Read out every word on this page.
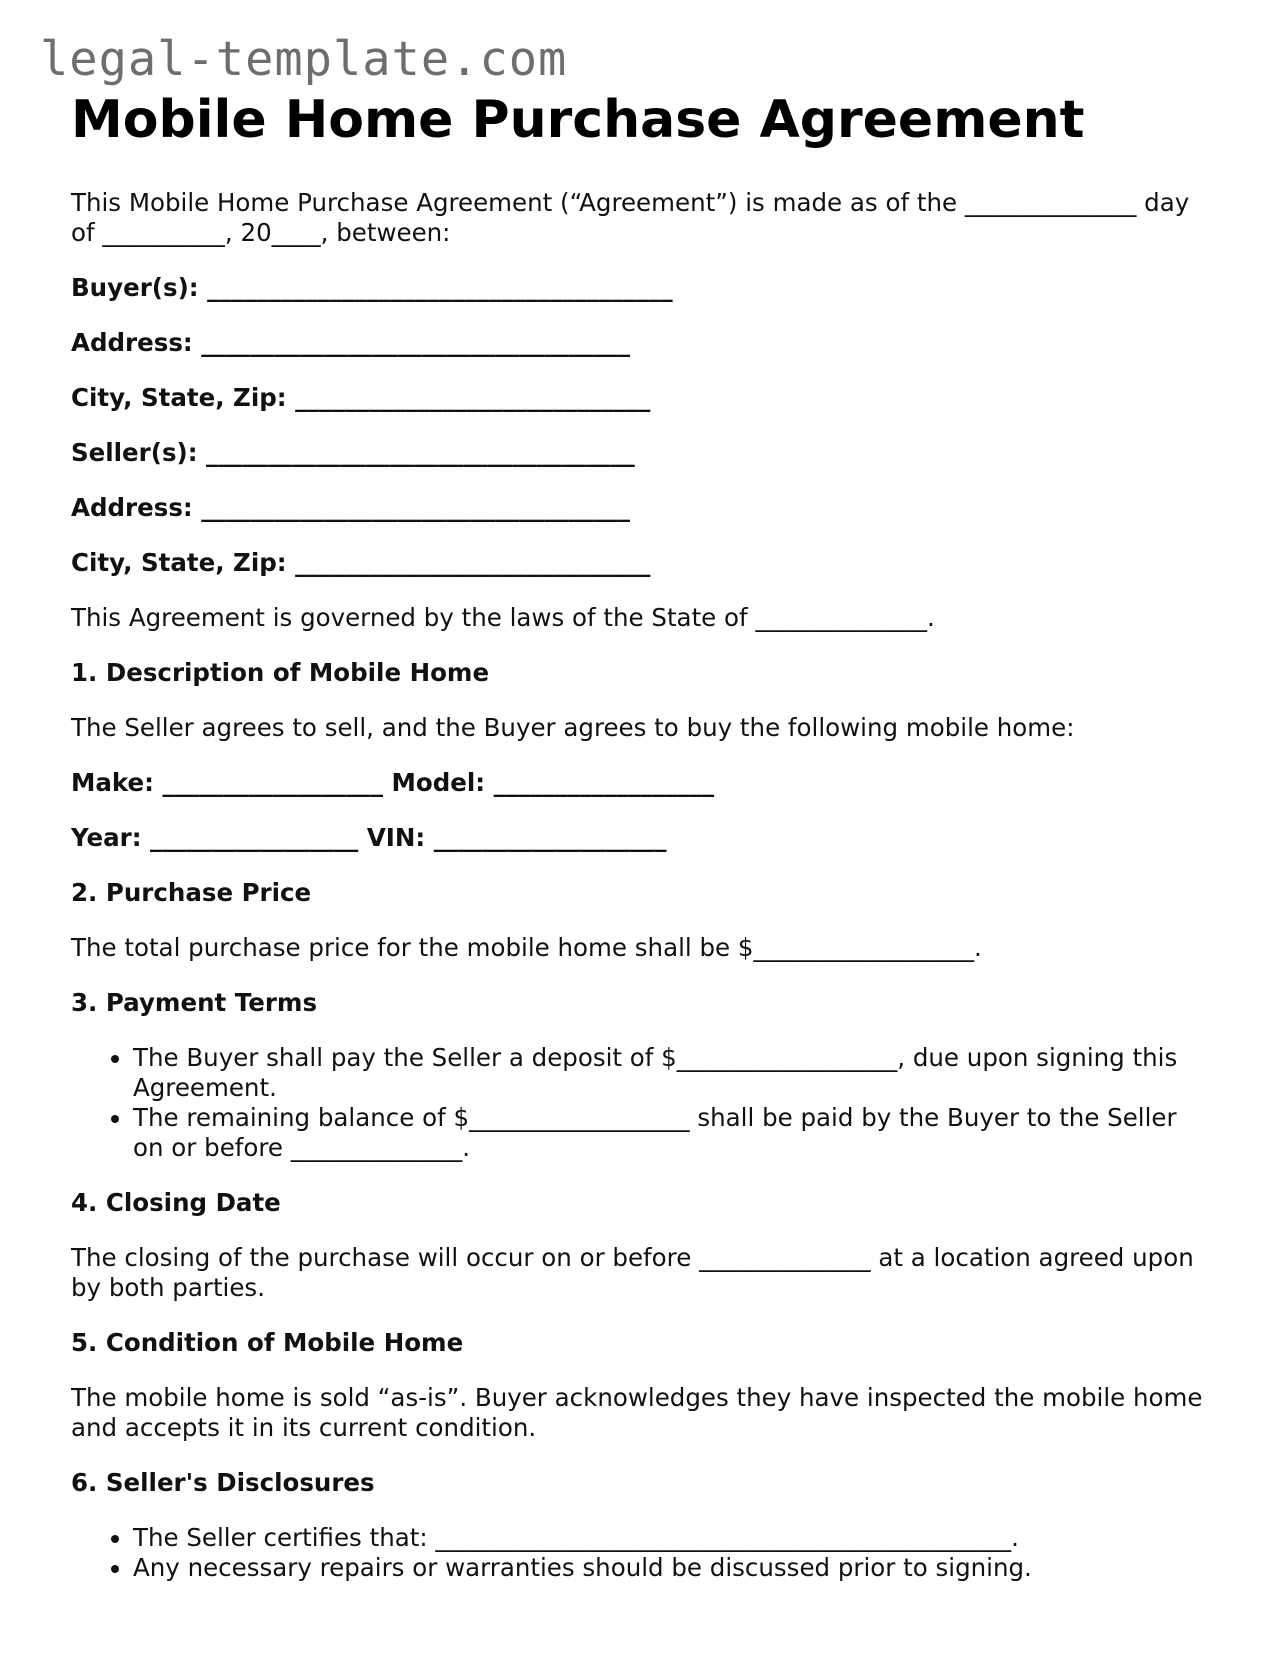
legal-template.com
Mobile Home Purchase Agreement

This Mobile Home Purchase Agreement (“Agreement”) is made as of the ______________ day of __________, 20____, between:

Buyer(s): ______________________________________

Address: ___________________________________

City, State, Zip: _____________________________

Seller(s): ___________________________________

Address: ___________________________________

City, State, Zip: _____________________________

This Agreement is governed by the laws of the State of ______________.

1. Description of Mobile Home

The Seller agrees to sell, and the Buyer agrees to buy the following mobile home:

Make: __________________ Model: __________________

Year: _________________ VIN: ___________________

2. Purchase Price

The total purchase price for the mobile home shall be $__________________.

3. Payment Terms
• The Buyer shall pay the Seller a deposit of $__________________, due upon signing this Agreement.
• The remaining balance of $__________________ shall be paid by the Buyer to the Seller on or before ______________.
4. Closing Date

The closing of the purchase will occur on or before ______________ at a location agreed upon by both parties.

5. Condition of Mobile Home

The mobile home is sold “as-is”. Buyer acknowledges they have inspected the mobile home and accepts it in its current condition.

6. Seller's Disclosures
• The Seller certifies that: _______________________________________________.
• Any necessary repairs or warranties should be discussed prior to signing.
